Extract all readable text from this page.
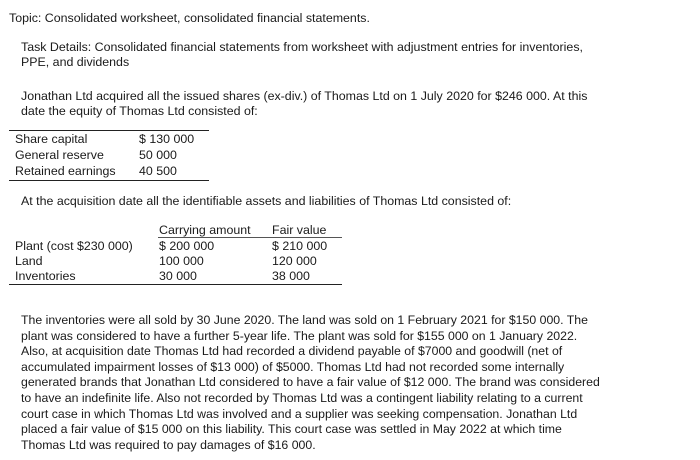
Topic: Consolidated worksheet, consolidated financial statements.
Task Details: Consolidated financial statements from worksheet with adjustment entries for inventories,
PPE, and dividends
Jonathan Ltd acquired all the issued shares (ex-div.) of Thomas Ltd on 1 July 2020 for $246 000. At this
date the equity of Thomas Ltd consisted of:
Share capital	$ 130 000
General reserve	50 000
Retained earnings 40 500
At the acquisition date all the identifiable assets and liabilities of Thomas Ltd consisted of:
Carrying amount Fair value
Plant (cost $230 000) $ 200 000	$ 210 000
Land	100 000	120 000
Inventories	30 000	38 000
The inventories were all sold by 30 June 2020. The land was sold on 1 February 2021 for $150 000. The
plant was considered to have a further 5-year life. The plant was sold for $155 000 on 1 January 2022.
Also, at acquisition date Thomas Ltd had recorded a dividend payable of $7000 and goodwill (net of
accumulated impairment losses of $13 000) of $5000. Thomas Ltd had not recorded some internally
generated brands that Jonathan Ltd considered to have a fair value of $12 000. The brand was considered
to have an indefinite life. Also not recorded by Thomas Ltd was a contingent liability relating to a current
court case in which Thomas Ltd was involved and a supplier was seeking compensation. Jonathan Ltd
placed a fair value of $15 000 on this liability. This court case was settled in May 2022 at which time
Thomas Ltd was required to pay damages of $16 000.
